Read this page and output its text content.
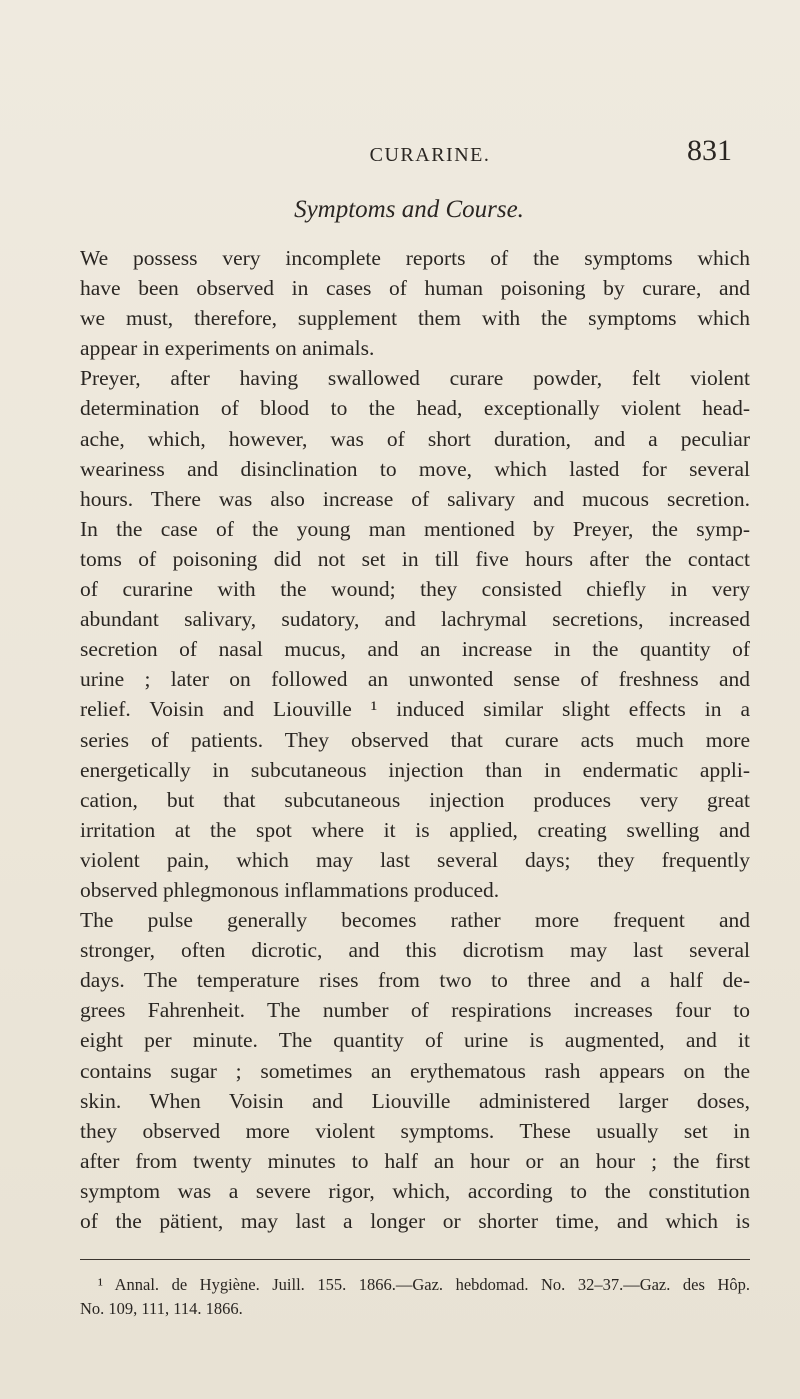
CURARINE.	831
Symptoms and Course.
We possess very incomplete reports of the symptoms which
have been observed in cases of human poisoning by curare, and
we must, therefore, supplement them with the symptoms which
appear in experiments on animals.
Preyer, after having swallowed curare powder, felt violent
determination of blood to the head, exceptionally violent head-
ache, which, however, was of short duration, and a peculiar
weariness and disinclination to move, which lasted for several
hours. There was also increase of salivary and mucous secretion.
In the case of the young man mentioned by Preyer, the symp-
toms of poisoning did not set in till five hours after the contact
of curarine with the wound; they consisted chiefly in very
abundant salivary, sudatory, and lachrymal secretions, increased
secretion of nasal mucus, and an increase in the quantity of
urine ; later on followed an unwonted sense of freshness and
relief. Voisin and Liouville ¹ induced similar slight effects in a
series of patients. They observed that curare acts much more
energetically in subcutaneous injection than in endermatic appli-
cation, but that subcutaneous injection produces very great
irritation at the spot where it is applied, creating swelling and
violent pain, which may last several days; they frequently
observed phlegmonous inflammations produced.
The pulse generally becomes rather more frequent and
stronger, often dicrotic, and this dicrotism may last several
days. The temperature rises from two to three and a half de-
grees Fahrenheit. The number of respirations increases four to
eight per minute. The quantity of urine is augmented, and it
contains sugar ; sometimes an erythematous rash appears on the
skin. When Voisin and Liouville administered larger doses,
they observed more violent symptoms. These usually set in
after from twenty minutes to half an hour or an hour ; the first
symptom was a severe rigor, which, according to the constitution
of the pätient, may last a longer or shorter time, and which is
¹ Annal. de Hygiène. Juill. 155. 1866.—Gaz. hebdomad. No. 32–37.—Gaz. des Hôp.
No. 109, 111, 114. 1866.
